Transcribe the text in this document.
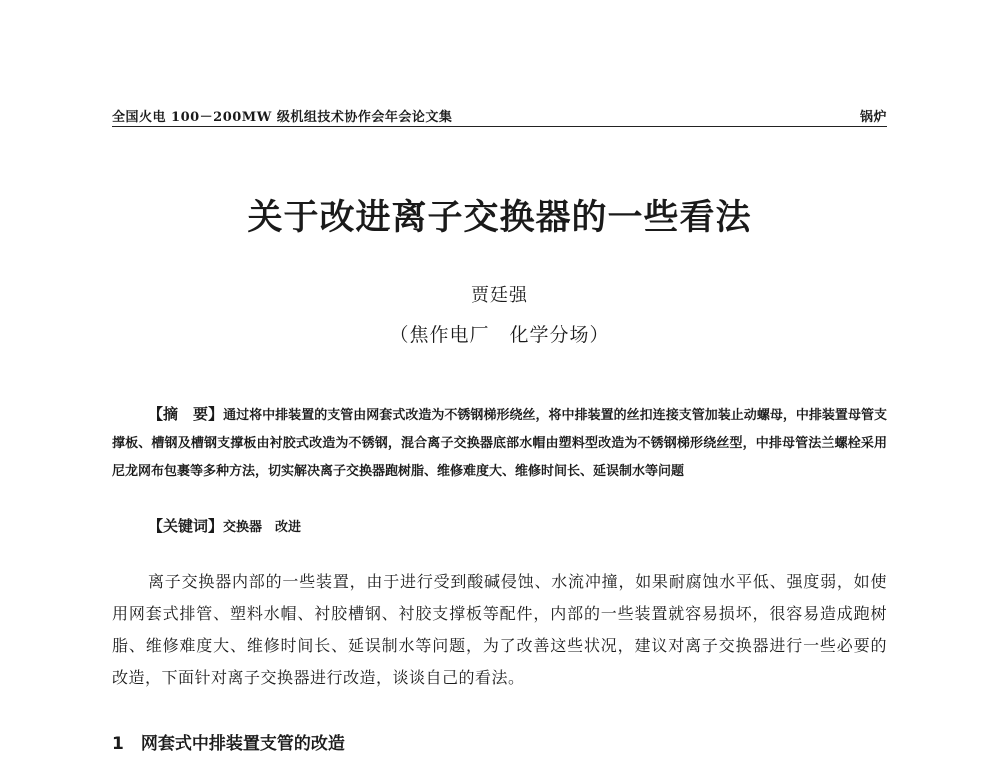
全国火电 100－200MW 级机组技术协作会年会论文集	锅炉
关于改进离子交换器的一些看法
贾廷强
（焦作电厂　化学分场）
【摘　要】通过将中排装置的支管由网套式改造为不锈钢梯形绕丝，将中排装置的丝扣连接支管加装止动螺母，中排装置母管支撑板、槽钢及槽钢支撑板由衬胶式改造为不锈钢，混合离子交换器底部水帽由塑料型改造为不锈钢梯形绕丝型，中排母管法兰螺栓采用尼龙网布包裹等多种方法，切实解决离子交换器跑树脂、维修难度大、维修时间长、延误制水等问题
【关键词】交换器　改进
离子交换器内部的一些装置，由于进行受到酸碱侵蚀、水流冲撞，如果耐腐蚀水平低、强度弱，如使用网套式排管、塑料水帽、衬胶槽钢、衬胶支撑板等配件，内部的一些装置就容易损坏，很容易造成跑树脂、维修难度大、维修时间长、延误制水等问题，为了改善这些状况，建议对离子交换器进行一些必要的改造，下面针对离子交换器进行改造，谈谈自己的看法。
1　 网套式中排装置支管的改造
